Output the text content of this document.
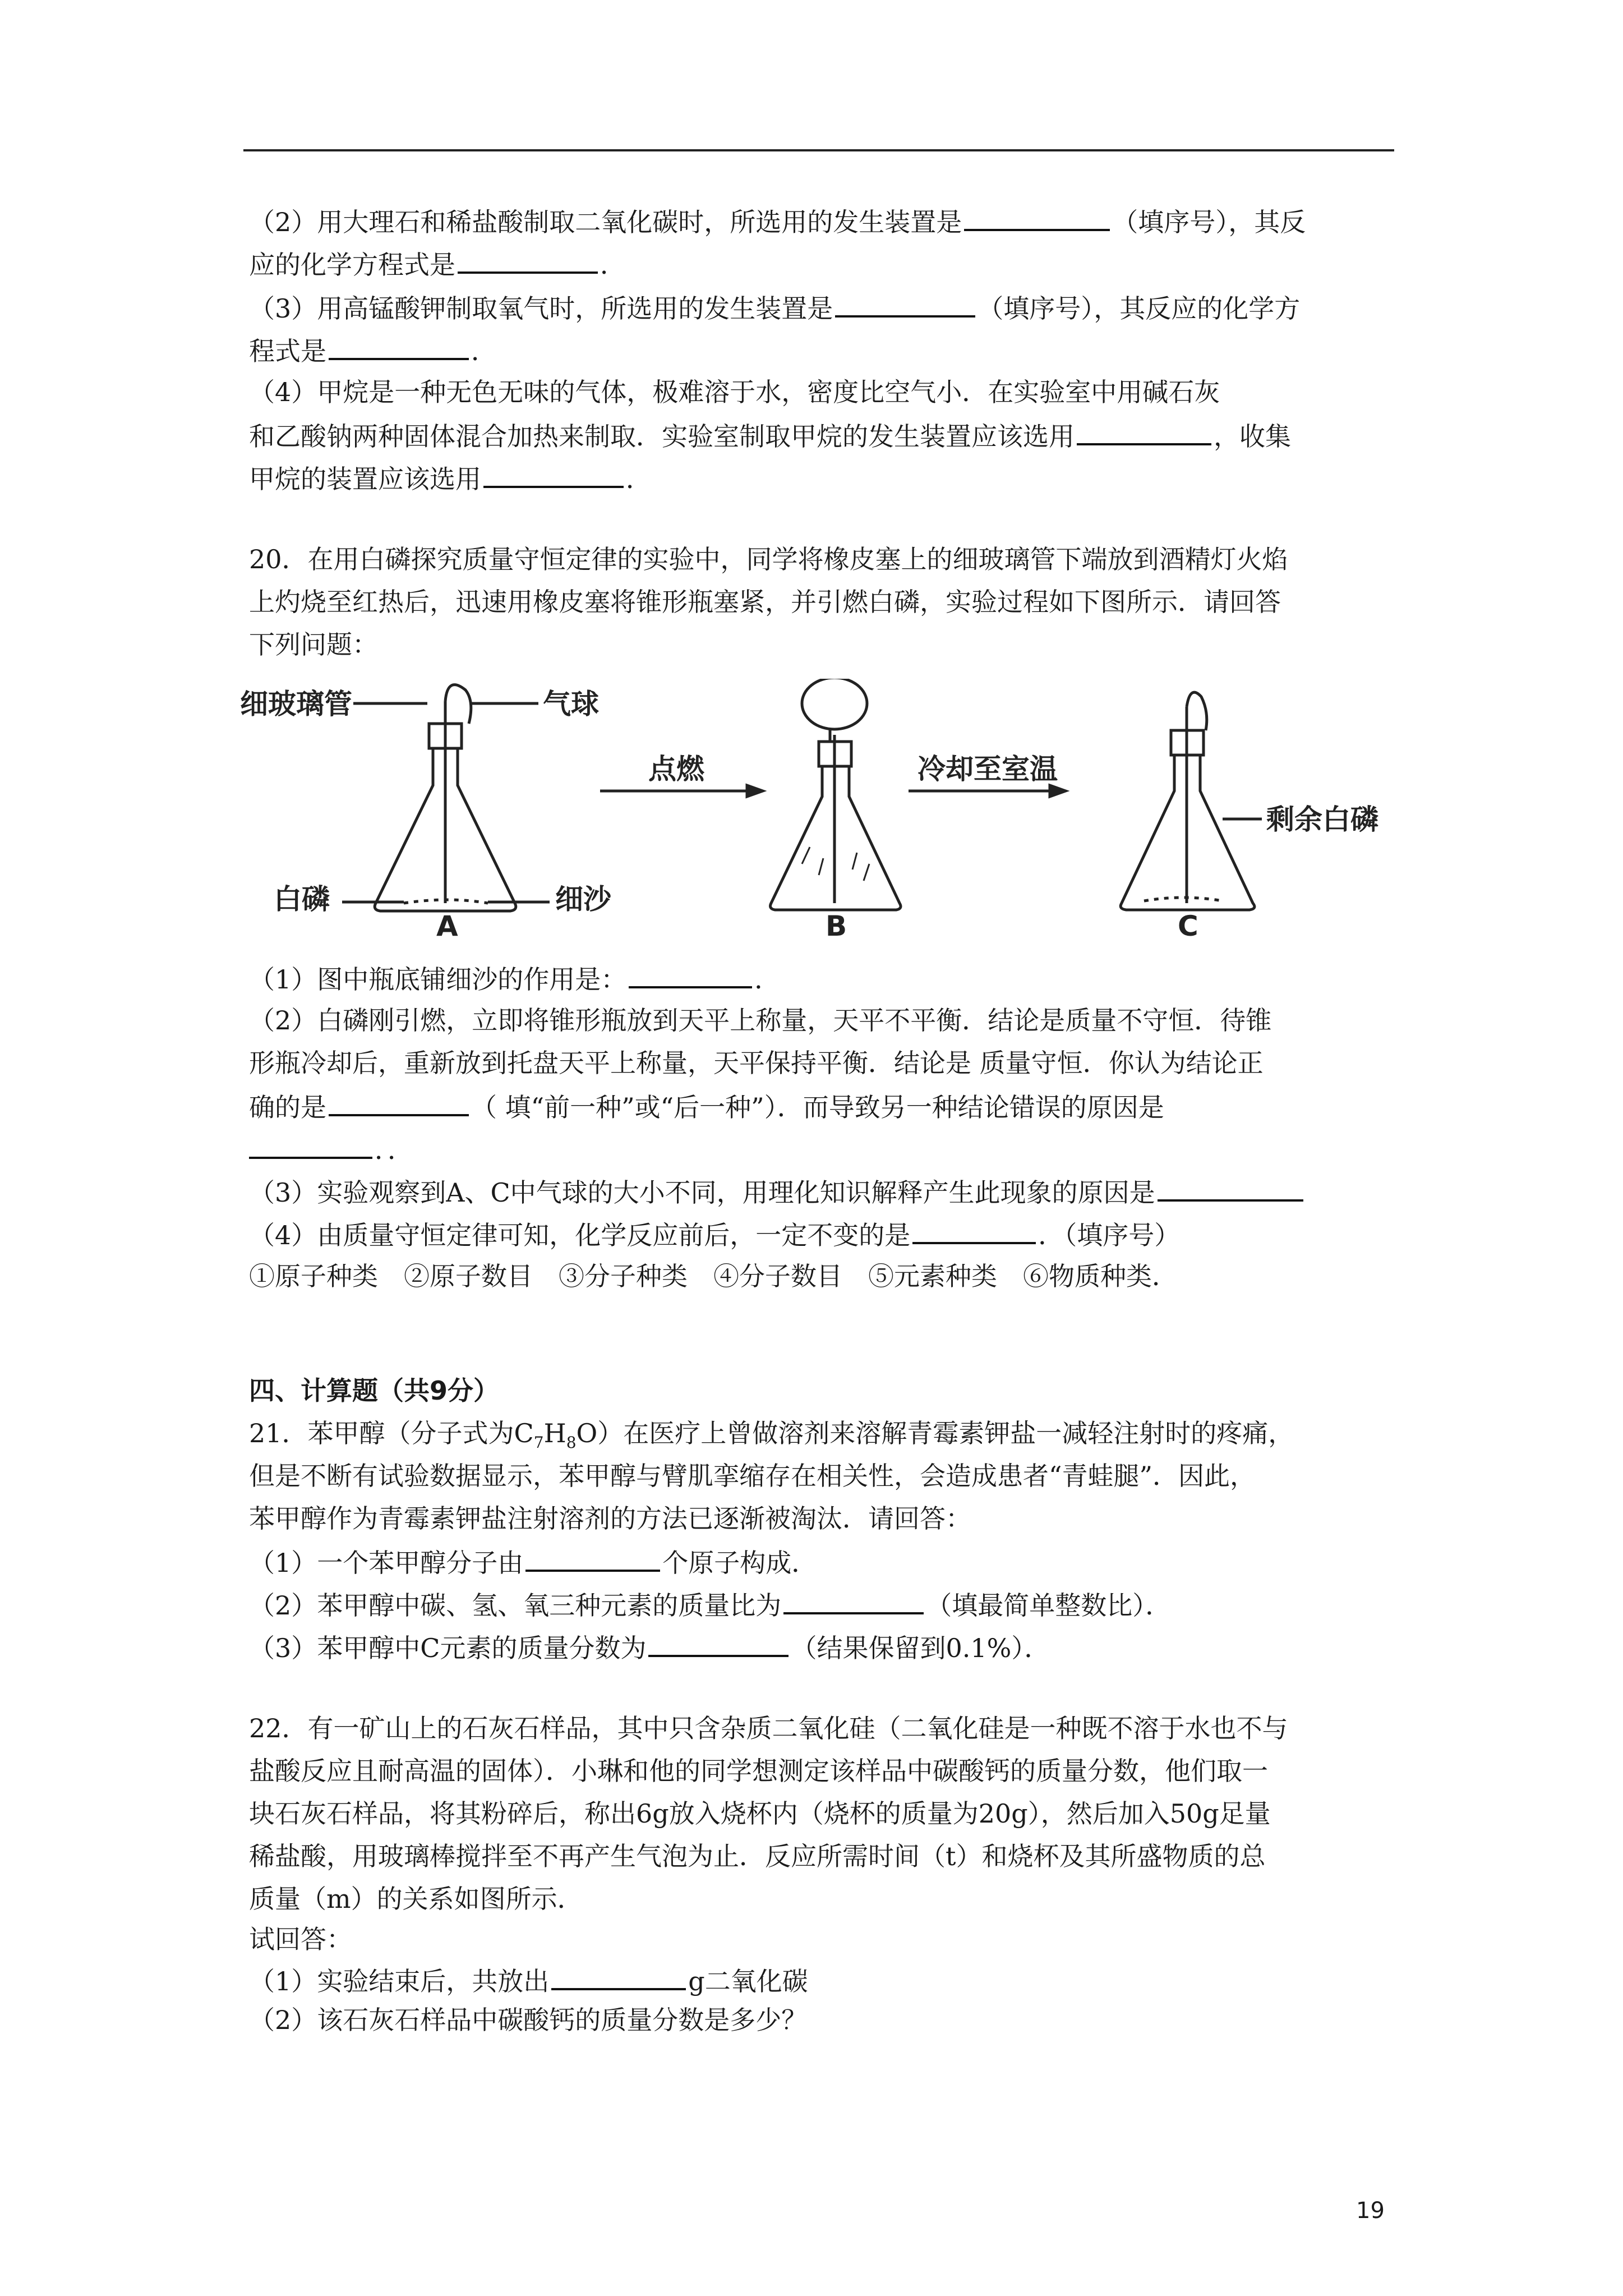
（2）用大理石和稀盐酸制取二氧化碳时，所选用的发生装置是	（填序号），其反
应的化学方程式是	．
（3）用高锰酸钾制取氧气时，所选用的发生装置是	（填序号），其反应的化学方
程式是	．
（4）甲烷是一种无色无味的气体，极难溶于水，密度比空气小．在实验室中用碱石灰
和乙酸钠两种固体混合加热来制取．实验室制取甲烷的发生装置应该选用	，收集
甲烷的装置应该选用	．
20．在用白磷探究质量守恒定律的实验中，同学将橡皮塞上的细玻璃管下端放到酒精灯火焰
上灼烧至红热后，迅速用橡皮塞将锥形瓶塞紧，并引燃白磷，实验过程如下图所示．请回答
下列问题：
细玻璃管	气球
白磷	细沙
点燃	冷却至室温
剩余白磷
A	B	C
（1）图中瓶底铺细沙的作用是：	．
（2）白磷刚引燃，立即将锥形瓶放到天平上称量，天平不平衡．结论是质量不守恒．待锥
形瓶冷却后，重新放到托盘天平上称量，天平保持平衡．结论是 质量守恒．你认为结论正
确的是	（ 填“前一种”或“后一种”）．而导致另一种结论错误的原因是
．．
（3）实验观察到A、C中气球的大小不同，用理化知识解释产生此现象的原因是
（4）由质量守恒定律可知，化学反应前后，一定不变的是	．（填序号）
①原子种类　②原子数目　③分子种类　④分子数目　⑤元素种类　⑥物质种类．
四、计算题（共9分）
21．苯甲醇（分子式为$C_7H_8O$）在医疗上曾做溶剂来溶解青霉素钾盐一减轻注射时的疼痛，
但是不断有试验数据显示，苯甲醇与臂肌挛缩存在相关性，会造成患者“青蛙腿”．因此，
苯甲醇作为青霉素钾盐注射溶剂的方法已逐渐被淘汰．请回答：
（1）一个苯甲醇分子由	个原子构成．
（2）苯甲醇中碳、氢、氧三种元素的质量比为	（填最简单整数比）．
（3）苯甲醇中C元素的质量分数为	（结果保留到0.1%）．
22．有一矿山上的石灰石样品，其中只含杂质二氧化硅（二氧化硅是一种既不溶于水也不与
盐酸反应且耐高温的固体）．小琳和他的同学想测定该样品中碳酸钙的质量分数，他们取一
块石灰石样品，将其粉碎后，称出6g放入烧杯内（烧杯的质量为20g），然后加入50g足量
稀盐酸，用玻璃棒搅拌至不再产生气泡为止．反应所需时间（t）和烧杯及其所盛物质的总
质量（m）的关系如图所示．
试回答：
（1）实验结束后，共放出	g二氧化碳
（2）该石灰石样品中碳酸钙的质量分数是多少？
19
